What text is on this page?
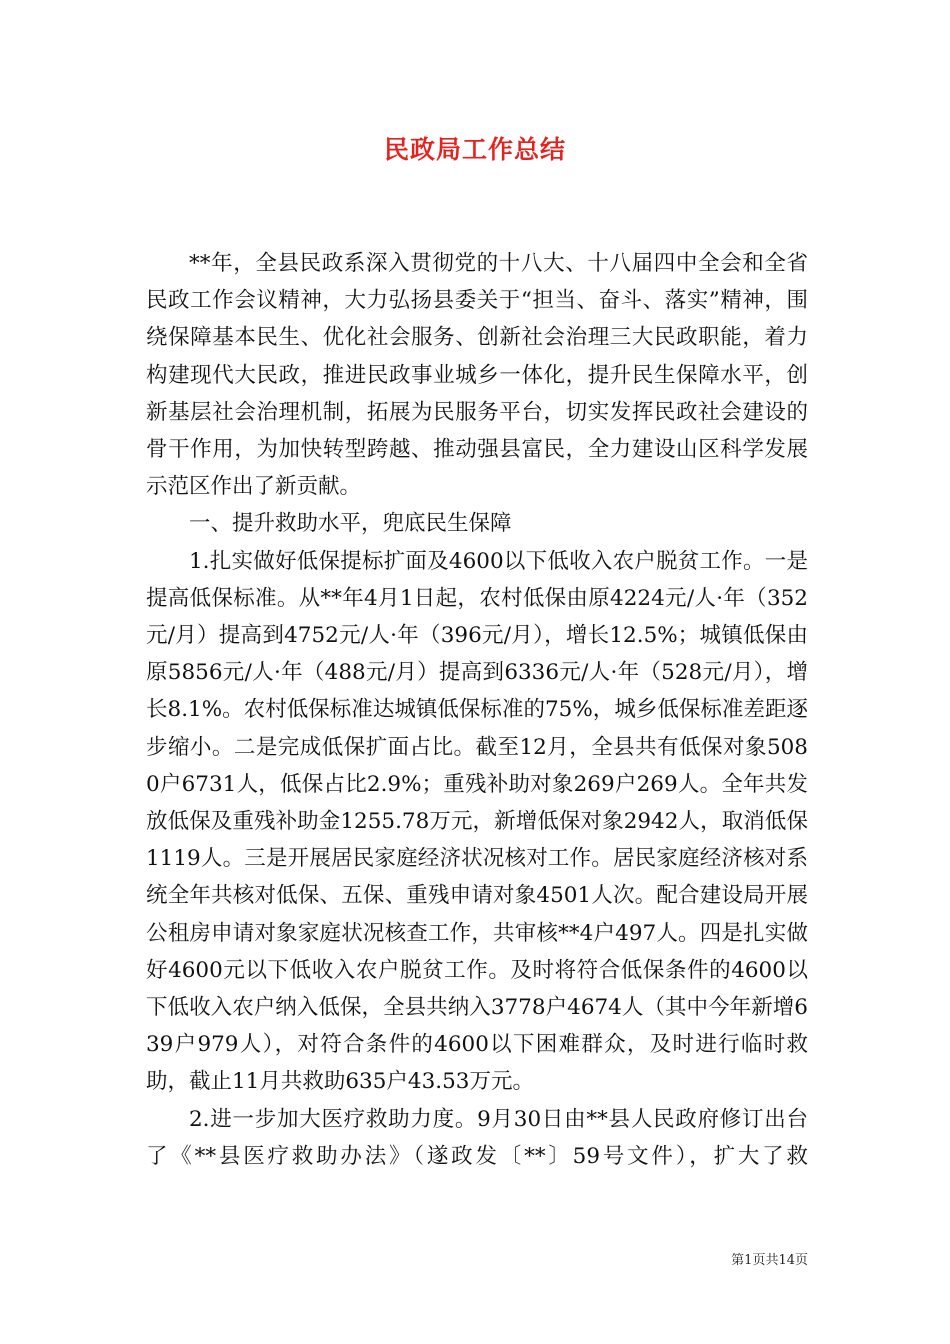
民政局工作总结

**年，全县民政系深入贯彻党的十八大、十八届四中全会和全省民政工作会议精神，大力弘扬县委关于“担当、奋斗、落实”精神，围绕保障基本民生、优化社会服务、创新社会治理三大民政职能，着力构建现代大民政，推进民政事业城乡一体化，提升民生保障水平，创新基层社会治理机制，拓展为民服务平台，切实发挥民政社会建设的骨干作用，为加快转型跨越、推动强县富民，全力建设山区科学发展示范区作出了新贡献。

一、提升救助水平，兜底民生保障

1.扎实做好低保提标扩面及4600以下低收入农户脱贫工作。一是提高低保标准。从**年4月1日起，农村低保由原4224元/人·年（352元/月）提高到4752元/人·年（396元/月），增长12.5%；城镇低保由原5856元/人·年（488元/月）提高到6336元/人·年（528元/月），增长8.1%。农村低保标准达城镇低保标准的75%，城乡低保标准差距逐步缩小。二是完成低保扩面占比。截至12月，全县共有低保对象5080户6731人，低保占比2.9%；重残补助对象269户269人。全年共发放低保及重残补助金1255.78万元，新增低保对象2942人，取消低保1119人。三是开展居民家庭经济状况核对工作。居民家庭经济核对系统全年共核对低保、五保、重残申请对象4501人次。配合建设局开展公租房申请对象家庭状况核查工作，共审核**4户497人。四是扎实做好4600元以下低收入农户脱贫工作。及时将符合低保条件的4600以下低收入农户纳入低保，全县共纳入3778户4674人（其中今年新增639户979人），对符合条件的4600以下困难群众，及时进行临时救助，截止11月共救助635户43.53万元。

2.进一步加大医疗救助力度。9月30日由**县人民政府修订出台了《**县医疗救助办法》（遂政发〔**〕59号文件），扩大了救

第1页共14页
